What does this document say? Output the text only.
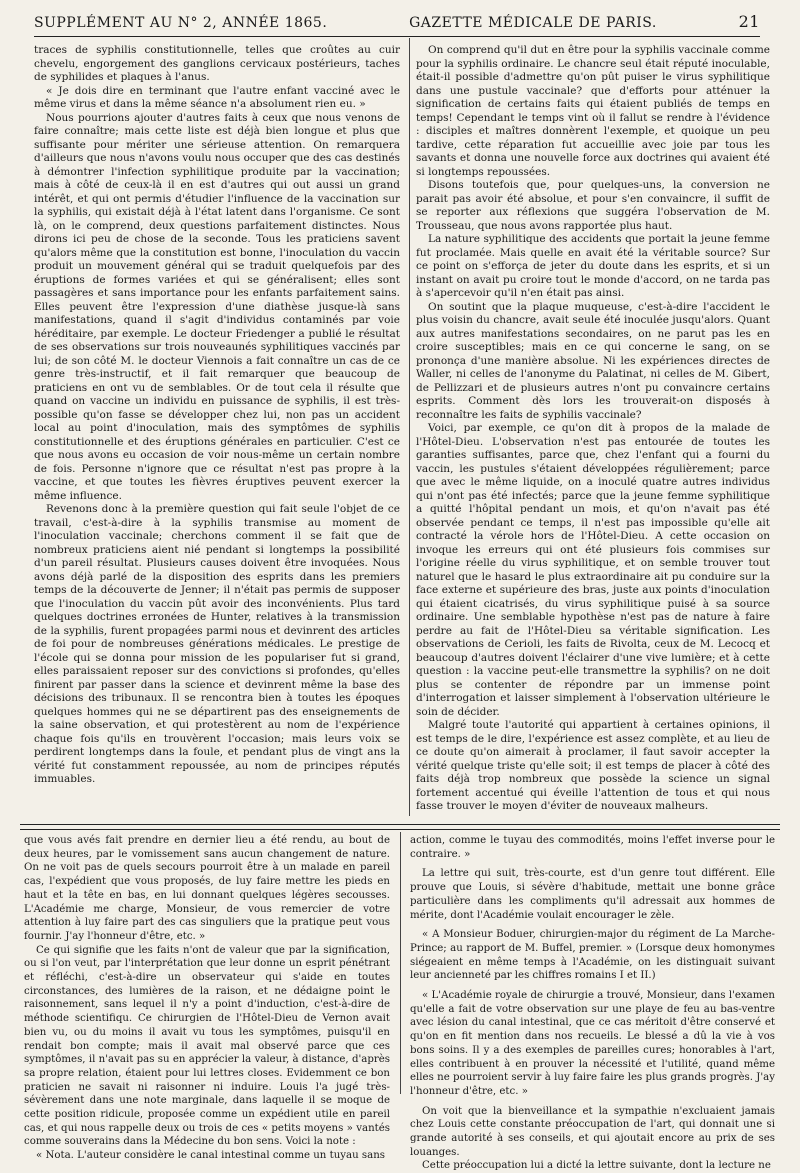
SUPPLÉMENT AU N° 2, ANNÉE 1865.	GAZETTE MÉDICALE DE PARIS.	21

traces de syphilis constitutionnelle, telles que croûtes au cuir chevelu, engorgement des ganglions cervicaux postérieurs, taches de syphilides et plaques à l'anus.

« Je dois dire en terminant que l'autre enfant vacciné avec le même virus et dans la même séance n'a absolument rien eu. »

Nous pourrions ajouter d'autres faits à ceux que nous venons de faire connaître; mais cette liste est déjà bien longue et plus que suffisante pour mériter une sérieuse attention. On remarquera d'ailleurs que nous n'avons voulu nous occuper que des cas destinés à démontrer l'infection syphilitique produite par la vaccination; mais à côté de ceux-là il en est d'autres qui out aussi un grand intérêt, et qui ont permis d'étudier l'influence de la vaccination sur la syphilis, qui existait déjà à l'état latent dans l'organisme. Ce sont là, on le comprend, deux questions parfaitement distinctes. Nous dirons ici peu de chose de la seconde. Tous les praticiens savent qu'alors même que la constitution est bonne, l'inoculation du vaccin produit un mouvement général qui se traduit quelquefois par des éruptions de formes variées et qui se généralisent; elles sont passagères et sans importance pour les enfants parfaitement sains. Elles peuvent être l'expression d'une diathèse jusque-là sans manifestations, quand il s'agit d'individus contaminés par voie héréditaire, par exemple. Le docteur Friedenger a publié le résultat de ses observations sur trois nouveaunés syphilitiques vaccinés par lui; de son côté M. le docteur Viennois a fait connaître un cas de ce genre très-instructif, et il fait remarquer que beaucoup de praticiens en ont vu de semblables. Or de tout cela il résulte que quand on vaccine un individu en puissance de syphilis, il est très-possible qu'on fasse se développer chez lui, non pas un accident local au point d'inoculation, mais des symptômes de syphilis constitutionnelle et des éruptions générales en particulier. C'est ce que nous avons eu occasion de voir nous-même un certain nombre de fois. Personne n'ignore que ce résultat n'est pas propre à la vaccine, et que toutes les fièvres éruptives peuvent exercer la même influence.

Revenons donc à la première question qui fait seule l'objet de ce travail, c'est-à-dire à la syphilis transmise au moment de l'inoculation vaccinale; cherchons comment il se fait que de nombreux praticiens aient nié pendant si longtemps la possibilité d'un pareil résultat. Plusieurs causes doivent être invoquées. Nous avons déjà parlé de la disposition des esprits dans les premiers temps de la découverte de Jenner; il n'était pas permis de supposer que l'inoculation du vaccin pût avoir des inconvénients. Plus tard quelques doctrines erronées de Hunter, relatives à la transmission de la syphilis, furent propagées parmi nous et devinrent des articles de foi pour de nombreuses générations médicales. Le prestige de l'école qui se donna pour mission de les populariser fut si grand, elles paraissaient reposer sur des convictions si profondes, qu'elles finirent par passer dans la science et devinrent même la base des décisions des tribunaux. Il se rencontra bien à toutes les époques quelques hommes qui ne se départirent pas des enseignements de la saine observation, et qui protestèrent au nom de l'expérience chaque fois qu'ils en trouvèrent l'occasion; mais leurs voix se perdirent longtemps dans la foule, et pendant plus de vingt ans la vérité fut constamment repoussée, au nom de principes réputés immuables.

On comprend qu'il dut en être pour la syphilis vaccinale comme pour la syphilis ordinaire. Le chancre seul était réputé inoculable, était-il possible d'admettre qu'on pût puiser le virus syphilitique dans une pustule vaccinale? que d'efforts pour atténuer la signification de certains faits qui étaient publiés de temps en temps! Cependant le temps vint où il fallut se rendre à l'évidence : disciples et maîtres donnèrent l'exemple, et quoique un peu tardive, cette réparation fut accueillie avec joie par tous les savants et donna une nouvelle force aux doctrines qui avaient été si longtemps repoussées.

Disons toutefois que, pour quelques-uns, la conversion ne parait pas avoir été absolue, et pour s'en convaincre, il suffit de se reporter aux réflexions que suggéra l'observation de M. Trousseau, que nous avons rapportée plus haut.

La nature syphilitique des accidents que portait la jeune femme fut proclamée. Mais quelle en avait été la véritable source? Sur ce point on s'efforça de jeter du doute dans les esprits, et si un instant on avait pu croire tout le monde d'accord, on ne tarda pas à s'apercevoir qu'il n'en était pas ainsi.

On soutint que la plaque muqueuse, c'est-à-dire l'accident le plus voisin du chancre, avait seule été inoculée jusqu'alors. Quant aux autres manifestations secondaires, on ne parut pas les en croire susceptibles; mais en ce qui concerne le sang, on se prononça d'une manière absolue. Ni les expériences directes de Waller, ni celles de l'anonyme du Palatinat, ni celles de M. Gibert, de Pellizzari et de plusieurs autres n'ont pu convaincre certains esprits. Comment dès lors les trouverait-on disposés à reconnaître les faits de syphilis vaccinale?

Voici, par exemple, ce qu'on dit à propos de la malade de l'Hôtel-Dieu. L'observation n'est pas entourée de toutes les garanties suffisantes, parce que, chez l'enfant qui a fourni du vaccin, les pustules s'étaient développées régulièrement; parce que avec le même liquide, on a inoculé quatre autres individus qui n'ont pas été infectés; parce que la jeune femme syphilitique a quitté l'hôpital pendant un mois, et qu'on n'avait pas été observée pendant ce temps, il n'est pas impossible qu'elle ait contracté la vérole hors de l'Hôtel-Dieu. A cette occasion on invoque les erreurs qui ont été plusieurs fois commises sur l'origine réelle du virus syphilitique, et on semble trouver tout naturel que le hasard le plus extraordinaire ait pu conduire sur la face externe et supérieure des bras, juste aux points d'inoculation qui étaient cicatrisés, du virus syphilitique puisé à sa source ordinaire. Une semblable hypothèse n'est pas de nature à faire perdre au fait de l'Hôtel-Dieu sa véritable signification. Les observations de Cerioli, les faits de Rivolta, ceux de M. Lecocq et beaucoup d'autres doivent l'éclairer d'une vive lumière; et à cette question : la vaccine peut-elle transmettre la syphilis? on ne doit plus se contenter de répondre par un immense point d'interrogation et laisser simplement à l'observation ultérieure le soin de décider.

Malgré toute l'autorité qui appartient à certaines opinions, il est temps de le dire, l'expérience est assez complète, et au lieu de ce doute qu'on aimerait à proclamer, il faut savoir accepter la vérité quelque triste qu'elle soit; il est temps de placer à côté des faits déjà trop nombreux que possède la science un signal fortement accentué qui éveille l'attention de tous et qui nous fasse trouver le moyen d'éviter de nouveaux malheurs.

que vous avés fait prendre en dernier lieu a été rendu, au bout de deux heures, par le vomissement sans aucun changement de nature. On ne voit pas de quels secours pourroit être à un malade en pareil cas, l'expédient que vous proposés, de luy faire mettre les pieds en haut et la tête en bas, en lui donnant quelques légères secousses. L'Académie me charge, Monsieur, de vous remercier de votre attention à luy faire part des cas singuliers que la pratique peut vous fournir. J'ay l'honneur d'être, etc. »

Ce qui signifie que les faits n'ont de valeur que par la signification, ou si l'on veut, par l'interprétation que leur donne un esprit pénétrant et réfléchi, c'est-à-dire un observateur qui s'aide en toutes circonstances, des lumières de la raison, et ne dédaigne point le raisonnement, sans lequel il n'y a point d'induction, c'est-à-dire de méthode scientifiqu. Ce chirurgien de l'Hôtel-Dieu de Vernon avait bien vu, ou du moins il avait vu tous les symptômes, puisqu'il en rendait bon compte; mais il avait mal observé parce que ces symptômes, il n'avait pas su en apprécier la valeur, à distance, d'après sa propre relation, étaient pour lui lettres closes. Evidemment ce bon praticien ne savait ni raisonner ni induire. Louis l'a jugé très-sévèrement dans une note marginale, dans laquelle il se moque de cette position ridicule, proposée comme un expédient utile en pareil cas, et qui nous rappelle deux ou trois de ces « petits moyens » vantés comme souverains dans la Médecine du bon sens. Voici la note :

« Nota. L'auteur considère le canal intestinal comme un tuyau sans

action, comme le tuyau des commodités, moins l'effet inverse pour le contraire. »

La lettre qui suit, très-courte, est d'un genre tout différent. Elle prouve que Louis, si sévère d'habitude, mettait une bonne grâce particulière dans les compliments qu'il adressait aux hommes de mérite, dont l'Académie voulait encourager le zèle.

« A Monsieur Boduer, chirurgien-major du régiment de La Marche-Prince; au rapport de M. Buffel, premier. » (Lorsque deux homonymes siégeaient en même temps à l'Académie, on les distinguait suivant leur ancienneté par les chiffres romains I et II.)

« L'Académie royale de chirurgie a trouvé, Monsieur, dans l'examen qu'elle a fait de votre observation sur une playe de feu au bas-ventre avec lésion du canal intestinal, que ce cas méritoit d'être conservé et qu'on en fit mention dans nos recueils. Le blessé a dû la vie à vos bons soins. Il y a des exemples de pareilles cures; honorables à l'art, elles contribuent à en prouver la nécessité et l'utilité, quand même elles ne pourroient servir à luy faire faire les plus grands progrès. J'ay l'honneur d'être, etc. »

On voit que la bienveillance et la sympathie n'excluaient jamais chez Louis cette constante préoccupation de l'art, qui donnait une si grande autorité à ses conseils, et qui ajoutait encore au prix de ses louanges.

Cette préoccupation lui a dicté la lettre suivante, dont la lecture ne
